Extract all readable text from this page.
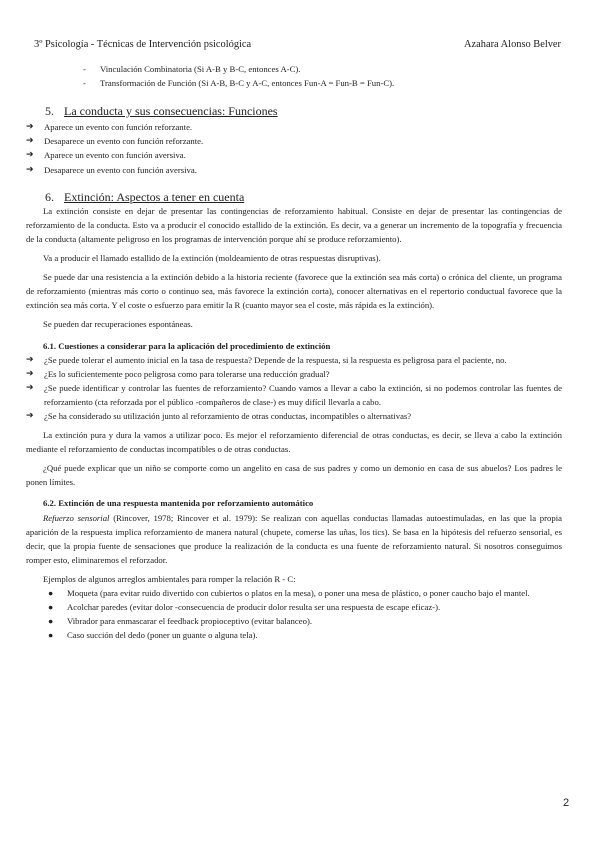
3º Psicología - Técnicas de Intervención psicológica	Azahara Alonso Belver
- Vinculación Combinatoria (Si A-B y B-C, entonces A-C).
- Transformación de Función (Si A-B, B-C y A-C, entonces Fun-A = Fun-B = Fun-C).
5. La conducta y sus consecuencias: Funciones
➔ Aparece un evento con función reforzante.
➔ Desaparece un evento con función reforzante.
➔ Aparece un evento con función aversiva.
➔ Desaparece un evento con función aversiva.
6. Extinción: Aspectos a tener en cuenta

La extinción consiste en dejar de presentar las contingencias de reforzamiento habitual. Consiste en dejar de presentar las contingencias de reforzamiento de la conducta. Esto va a producir el conocido estallido de la extinción. Es decir, va a generar un incremento de la topografía y frecuencia de la conducta (altamente peligroso en los programas de intervención porque ahí se produce reforzamiento).

Va a producir el llamado estallido de la extinción (moldeamiento de otras respuestas disruptivas).

Se puede dar una resistencia a la extinción debido a la historia reciente (favorece que la extinción sea más corta) o crónica del cliente, un programa de reforzamiento (mientras más corto o continuo sea, más favorece la extinción corta), conocer alternativas en el repertorio conductual favorece que la extinción sea más corta. Y el coste o esfuerzo para emitir la R (cuanto mayor sea el coste, más rápida es la extinción).

Se pueden dar recuperaciones espontáneas.

6.1. Cuestiones a considerar para la aplicación del procedimiento de extinción
➔ ¿Se puede tolerar el aumento inicial en la tasa de respuesta? Depende de la respuesta, si la respuesta es peligrosa para el paciente, no.
➔ ¿Es lo suficientemente poco peligrosa como para tolerarse una reducción gradual?
➔ ¿Se puede identificar y controlar las fuentes de reforzamiento? Cuando vamos a llevar a cabo la extinción, si no podemos controlar las fuentes de reforzamiento (cta reforzada por el público -compañeros de clase-) es muy difícil llevarla a cabo.
➔ ¿Se ha considerado su utilización junto al reforzamiento de otras conductas, incompatibles o alternativas?

La extinción pura y dura la vamos a utilizar poco. Es mejor el reforzamiento diferencial de otras conductas, es decir, se lleva a cabo la extinción mediante el reforzamiento de conductas incompatibles o de otras conductas.

¿Qué puede explicar que un niño se comporte como un angelito en casa de sus padres y como un demonio en casa de sus abuelos? Los padres le ponen límites.

6.2. Extinción de una respuesta mantenida por reforzamiento automático

Refuerzo sensorial (Rincover, 1978; Rincover et al. 1979): Se realizan con aquellas conductas llamadas autoestimuladas, en las que la propia aparición de la respuesta implica reforzamiento de manera natural (chupete, comerse las uñas, los tics). Se basa en la hipótesis del refuerzo sensorial, es decir, que la propia fuente de sensaciones que produce la realización de la conducta es una fuente de reforzamiento natural. Si nosotros conseguimos romper esto, eliminaremos el reforzador.

Ejemplos de algunos arreglos ambientales para romper la relación R - C:

● Moqueta (para evitar ruido divertido con cubiertos o platos en la mesa), o poner una mesa de plástico, o poner caucho bajo el mantel.
● Acolchar paredes (evitar dolor -consecuencia de producir dolor resulta ser una respuesta de escape eficaz-).
● Vibrador para enmascarar el feedback propioceptivo (evitar balanceo).
● Caso succión del dedo (poner un guante o alguna tela).
2
